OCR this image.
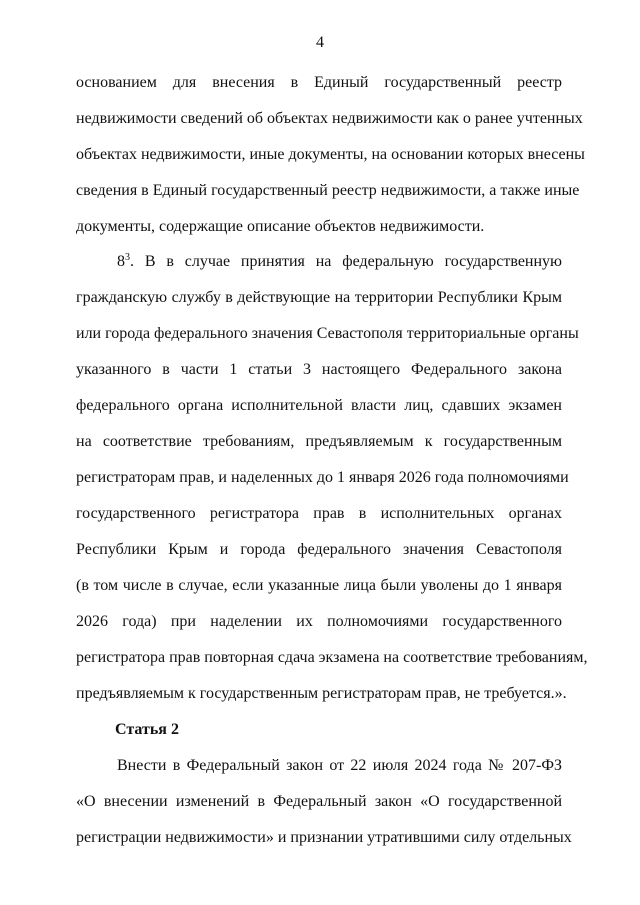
4
основанием для внесения в Единый государственный реестр
недвижимости сведений об объектах недвижимости как о ранее учтенных
объектах недвижимости, иные документы, на основании которых внесены
сведения в Единый государственный реестр недвижимости, а также иные
документы, содержащие описание объектов недвижимости.
$8^3$. В в случае принятия на федеральную государственную
гражданскую службу в действующие на территории Республики Крым
или города федерального значения Севастополя территориальные органы
указанного в части 1 статьи 3 настоящего Федерального закона
федерального органа исполнительной власти лиц, сдавших экзамен
на соответствие требованиям, предъявляемым к государственным
регистраторам прав, и наделенных до 1 января 2026 года полномочиями
государственного регистратора прав в исполнительных органах
Республики Крым и города федерального значения Севастополя
(в том числе в случае, если указанные лица были уволены до 1 января
2026 года) при наделении их полномочиями государственного
регистратора прав повторная сдача экзамена на соответствие требованиям,
предъявляемым к государственным регистраторам прав, не требуется.».
Статья 2
Внести в Федеральный закон от 22 июля 2024 года № 207-ФЗ
«О внесении изменений в Федеральный закон «О государственной
регистрации недвижимости» и признании утратившими силу отдельных
